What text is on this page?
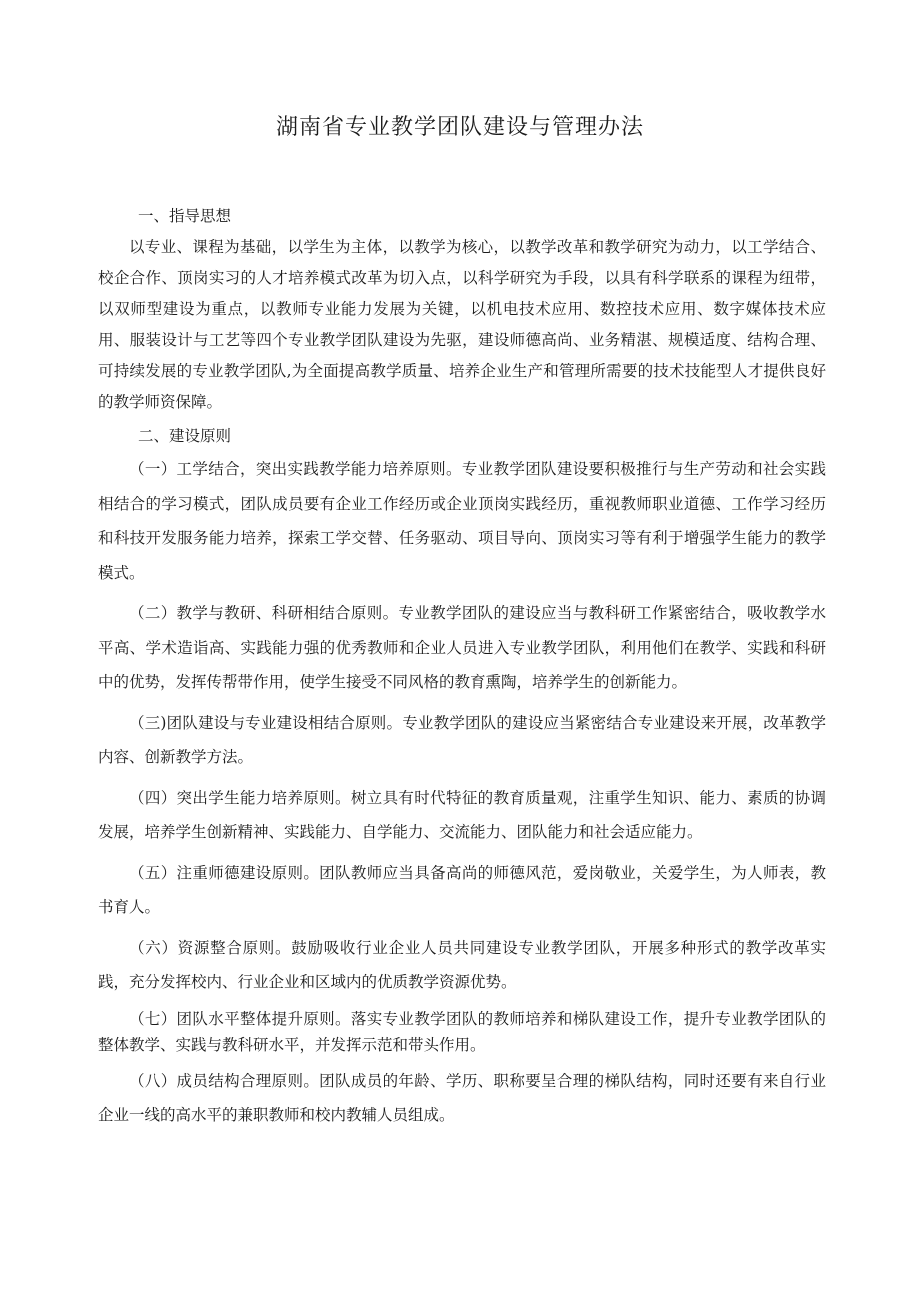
湖南省专业教学团队建设与管理办法
一、指导思想

以专业、课程为基础，以学生为主体，以教学为核心，以教学改革和教学研究为动力，以工学结合、校企合作、顶岗实习的人才培养模式改革为切入点，以科学研究为手段，以具有科学联系的课程为纽带，以双师型建设为重点，以教师专业能力发展为关键，以机电技术应用、数控技术应用、数字媒体技术应用、服装设计与工艺等四个专业教学团队建设为先驱，建设师德高尚、业务精湛、规模适度、结构合理、可持续发展的专业教学团队,为全面提高教学质量、培养企业生产和管理所需要的技术技能型人才提供良好的教学师资保障。

二、建设原则

（一）工学结合，突出实践教学能力培养原则。专业教学团队建设要积极推行与生产劳动和社会实践相结合的学习模式，团队成员要有企业工作经历或企业顶岗实践经历，重视教师职业道德、工作学习经历和科技开发服务能力培养，探索工学交替、任务驱动、项目导向、顶岗实习等有利于增强学生能力的教学模式。

（二）教学与教研、科研相结合原则。专业教学团队的建设应当与教科研工作紧密结合，吸收教学水平高、学术造诣高、实践能力强的优秀教师和企业人员进入专业教学团队，利用他们在教学、实践和科研中的优势，发挥传帮带作用，使学生接受不同风格的教育熏陶，培养学生的创新能力。

（三)团队建设与专业建设相结合原则。专业教学团队的建设应当紧密结合专业建设来开展，改革教学内容、创新教学方法。

（四）突出学生能力培养原则。树立具有时代特征的教育质量观，注重学生知识、能力、素质的协调发展，培养学生创新精神、实践能力、自学能力、交流能力、团队能力和社会适应能力。

（五）注重师德建设原则。团队教师应当具备高尚的师德风范，爱岗敬业，关爱学生，为人师表，教书育人。

（六）资源整合原则。鼓励吸收行业企业人员共同建设专业教学团队，开展多种形式的教学改革实践，充分发挥校内、行业企业和区域内的优质教学资源优势。

（七）团队水平整体提升原则。落实专业教学团队的教师培养和梯队建设工作，提升专业教学团队的整体教学、实践与教科研水平，并发挥示范和带头作用。

（八）成员结构合理原则。团队成员的年龄、学历、职称要呈合理的梯队结构，同时还要有来自行业企业一线的高水平的兼职教师和校内教辅人员组成。
